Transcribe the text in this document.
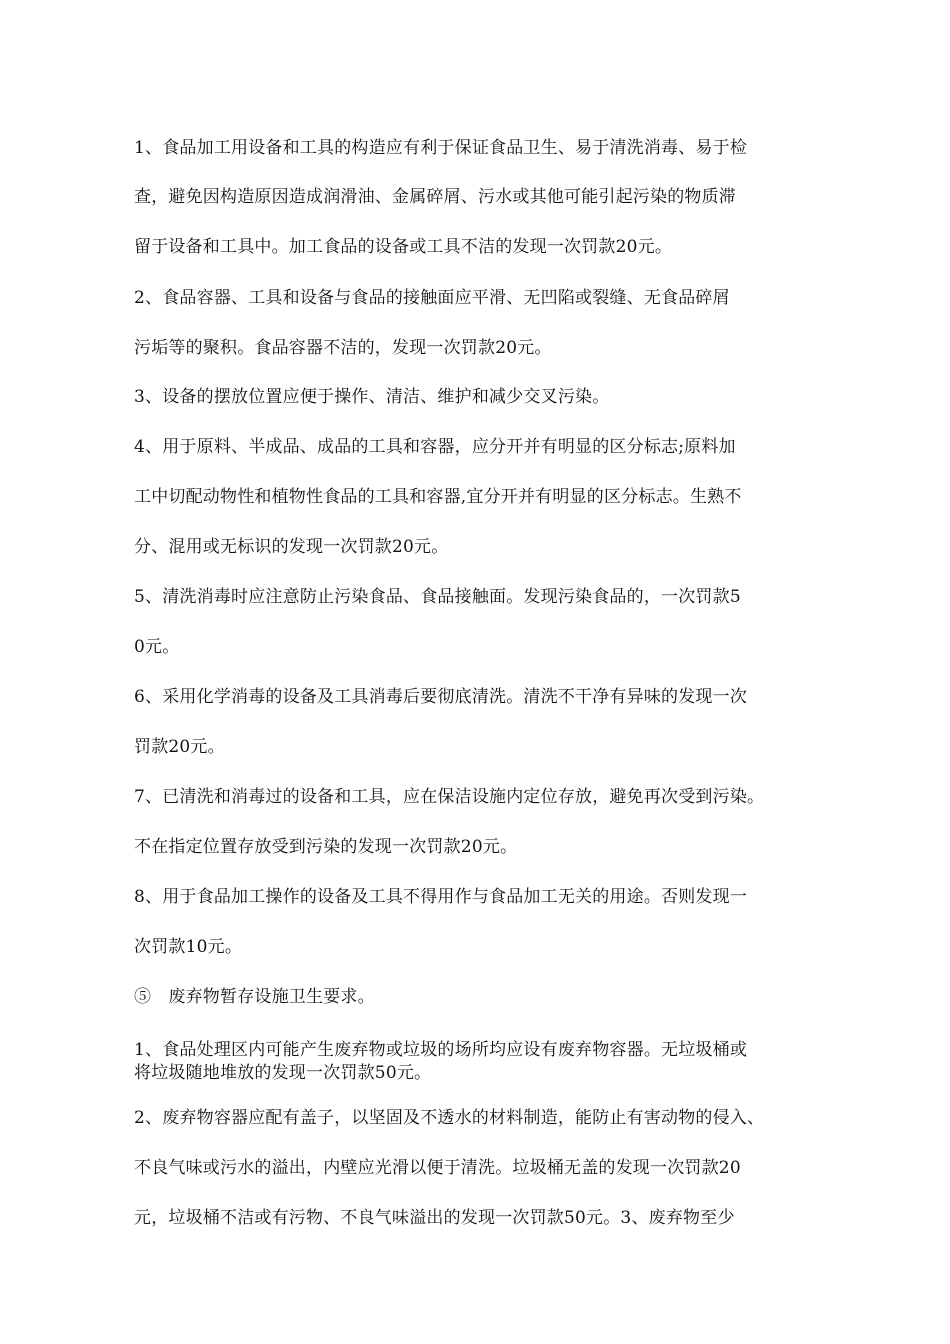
1、食品加工用设备和工具的构造应有利于保证食品卫生、易于清洗消毒、易于检
查，避免因构造原因造成润滑油、金属碎屑、污水或其他可能引起污染的物质滞
留于设备和工具中。加工食品的设备或工具不洁的发现一次罚款20元。
2、食品容器、工具和设备与食品的接触面应平滑、无凹陷或裂缝、无食品碎屑
污垢等的聚积。食品容器不洁的，发现一次罚款20元。
3、设备的摆放位置应便于操作、清洁、维护和减少交叉污染。
4、用于原料、半成品、成品的工具和容器，应分开并有明显的区分标志;原料加
工中切配动物性和植物性食品的工具和容器,宜分开并有明显的区分标志。生熟不
分、混用或无标识的发现一次罚款20元。
5、清洗消毒时应注意防止污染食品、食品接触面。发现污染食品的，一次罚款5
0元。
6、采用化学消毒的设备及工具消毒后要彻底清洗。清洗不干净有异味的发现一次
罚款20元。
7、已清洗和消毒过的设备和工具，应在保洁设施内定位存放，避免再次受到污染。
不在指定位置存放受到污染的发现一次罚款20元。
8、用于食品加工操作的设备及工具不得用作与食品加工无关的用途。否则发现一
次罚款10元。
⑤　废弃物暂存设施卫生要求。
1、食品处理区内可能产生废弃物或垃圾的场所均应设有废弃物容器。无垃圾桶或
将垃圾随地堆放的发现一次罚款50元。
2、废弃物容器应配有盖子，以坚固及不透水的材料制造，能防止有害动物的侵入、
不良气味或污水的溢出，内壁应光滑以便于清洗。垃圾桶无盖的发现一次罚款20
元，垃圾桶不洁或有污物、不良气味溢出的发现一次罚款50元。3、废弃物至少
